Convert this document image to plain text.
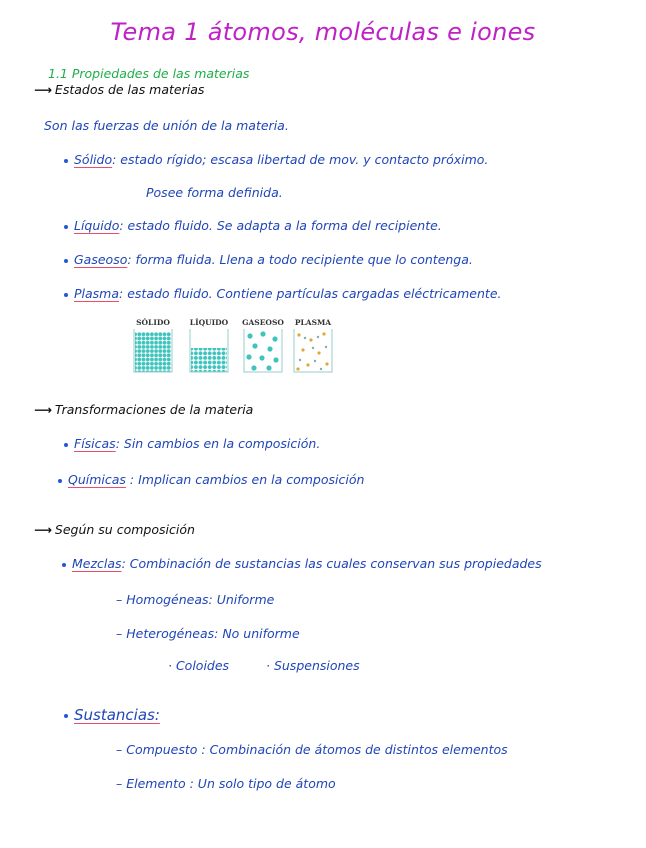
Tema 1 átomos, moléculas e iones
1.1 Propiedades de las materias
⟶ Estados de las materias
Son las fuerzas de unión de la materia.
Sólido: estado rígido; escasa libertad de mov. y contacto próximo.
Posee forma definida.
Líquido: estado fluido. Se adapta a la forma del recipiente.
Gaseoso: forma fluida. Llena a todo recipiente que lo contenga.
Plasma: estado fluido. Contiene partículas cargadas eléctricamente.
SÓLIDO	LÍQUIDO	GASEOSO	PLASMA
⟶ Transformaciones de la materia
Físicas: Sin cambios en la composición.
Químicas : Implican cambios en la composición
⟶ Según su composición
Mezclas: Combinación de sustancias las cuales conservan sus propiedades
– Homogéneas: Uniforme
– Heterogéneas: No uniforme
· Coloides	· Suspensiones
Sustancias:
– Compuesto : Combinación de átomos de distintos elementos
– Elemento : Un solo tipo de átomo
